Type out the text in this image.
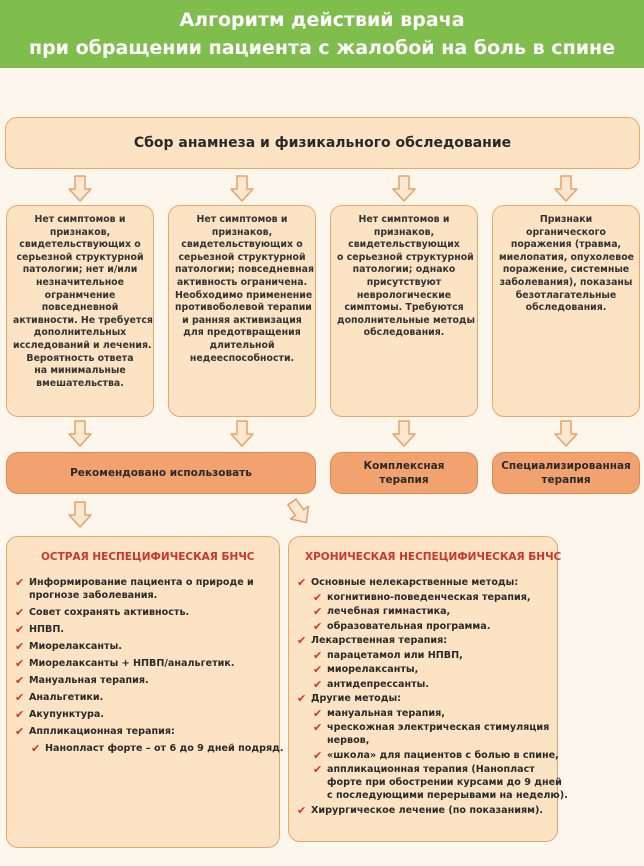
Алгоритм действий врача
при обращении пациента с жалобой на боль в спине
Сбор анамнеза и физикального обследование
Нет симптомов и
признаков,
свидетельствующих о
серьезной структурной
патологии; нет и/или
незначительное
огранмчение
повседневной
активности. Не требуется
дополнительных
исследований и лечения.
Вероятность ответа
на минимальные
вмешательства.
Нет симптомов и
признаков,
свидетельствующих о
серьезной структурной
патологии; повседневная
активность ограничена.
Необходимо применение
противоболевой терапии
и ранняя активизация
для предотвращения
длительной
недееспособности.
Нет симптомов и
признаков,
свидетельствующих
о серьезной структурной
патологии; однако
присутствуют
неврологические
симптомы. Требуются
дополнительные методы
обследования.
Признаки
органического
поражения (травма,
миелопатия, опухолевое
поражение, системные
заболевания), показаны
безотлагательные
обследования.
Рекомендовано использовать
Комплексная
терапия
Специализированная
терапия
ОСТРАЯ НЕСПЕЦИФИЧЕСКАЯ БНЧС
✔ Информирование пациента о природе и
прогнозе заболевания.
✔ Совет сохранять активность.
✔ НПВП.
✔ Миорелаксанты.
✔ Миорелаксанты + НПВП/анальгетик.
✔ Мануальная терапия.
✔ Анальгетики.
✔ Акупунктура.
✔ Аппликационная терапия:
✔ Нанопласт форте – от 6 до 9 дней подряд.
ХРОНИЧЕСКАЯ НЕСПЕЦИФИЧЕСКАЯ БНЧС
✔ Основные нелекарственные методы:
✔ когнитивно-поведенческая терапия,
✔ лечебная гимнастика,
✔ образовательная программа.
✔ Лекарственная терапия:
✔ парацетамол или НПВП,
✔ миорелаксанты,
✔ антидепрессанты.
✔ Другие методы:
✔ мануальная терапия,
✔ чрескожная электрическая стимуляция
нервов,
✔ «школа» для пациентов с болью в спине,
✔ аппликационная терапия (Нанопласт
форте при обострении курсами до 9 дней
с последующими перерывами на неделю).
✔ Хирургическое лечение (по показаниям).
